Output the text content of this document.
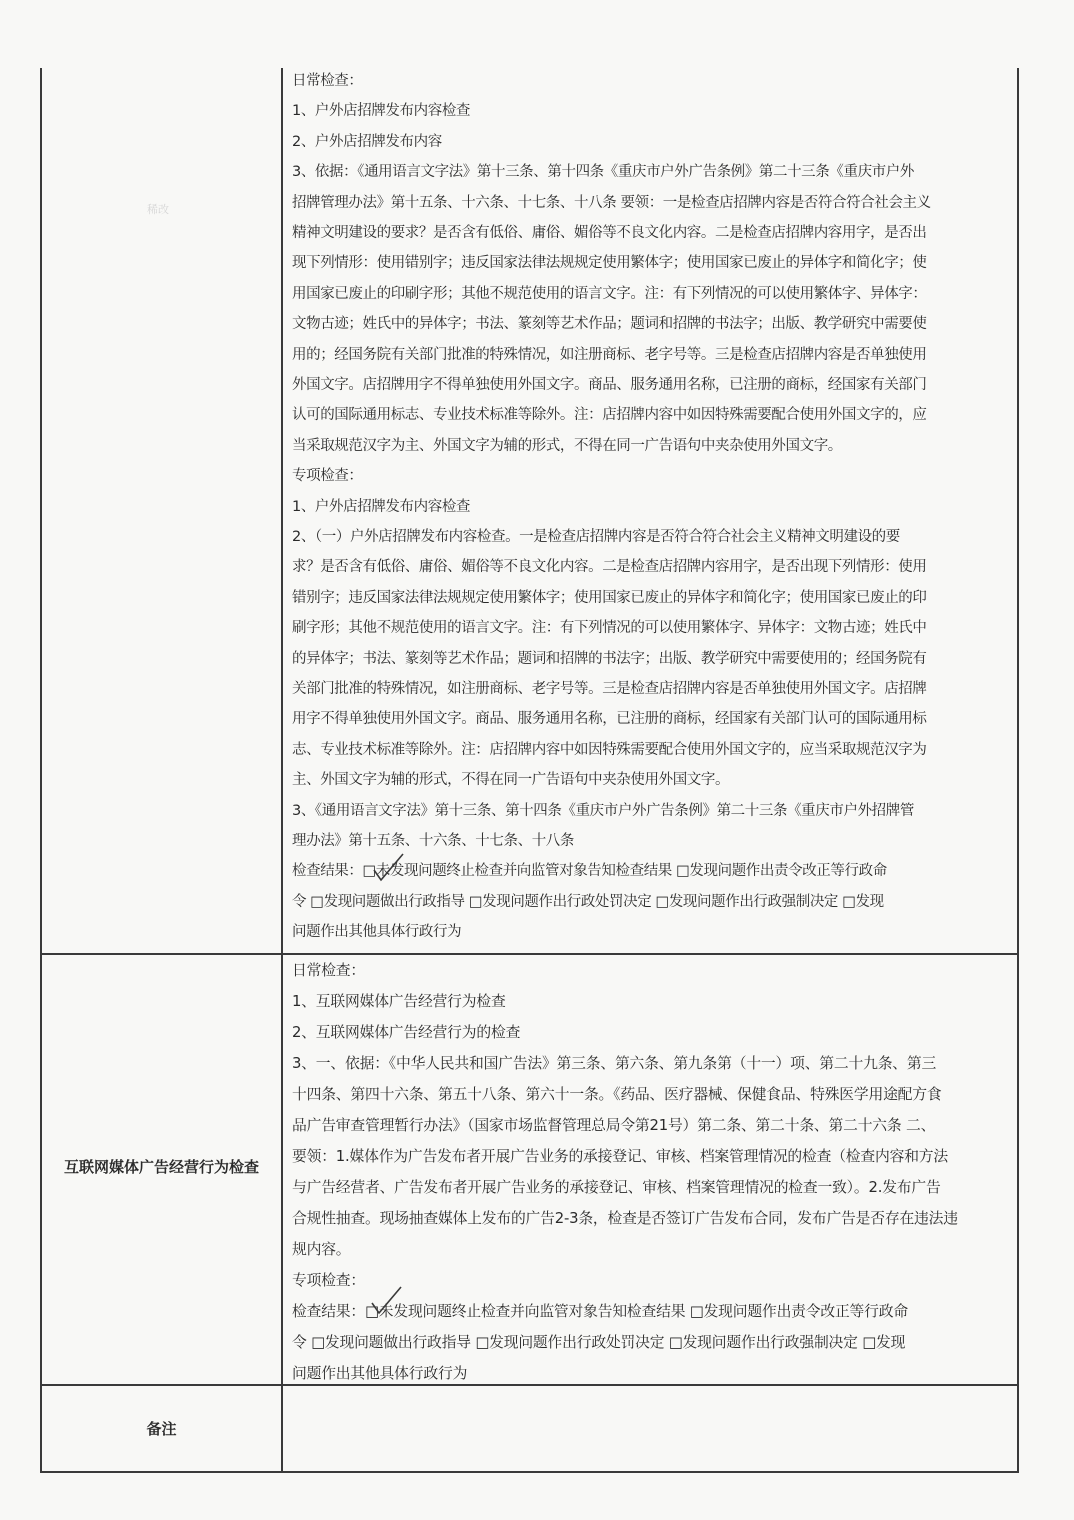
稀改
日常检查：
1、户外店招牌发布内容检查
2、户外店招牌发布内容
3、依据：《通用语言文字法》第十三条、第十四条《重庆市户外广告条例》第二十三条《重庆市户外
招牌管理办法》第十五条、十六条、十七条、十八条 要领：一是检查店招牌内容是否符合符合社会主义
精神文明建设的要求？是否含有低俗、庸俗、媚俗等不良文化内容。二是检查店招牌内容用字，是否出
现下列情形：使用错别字；违反国家法律法规规定使用繁体字；使用国家已废止的异体字和简化字；使
用国家已废止的印刷字形；其他不规范使用的语言文字。注：有下列情况的可以使用繁体字、异体字：
文物古迹；姓氏中的异体字；书法、篆刻等艺术作品；题词和招牌的书法字；出版、教学研究中需要使
用的；经国务院有关部门批准的特殊情况，如注册商标、老字号等。三是检查店招牌内容是否单独使用
外国文字。店招牌用字不得单独使用外国文字。商品、服务通用名称，已注册的商标，经国家有关部门
认可的国际通用标志、专业技术标准等除外。注：店招牌内容中如因特殊需要配合使用外国文字的，应
当采取规范汉字为主、外国文字为辅的形式，不得在同一广告语句中夹杂使用外国文字。
专项检查：
1、户外店招牌发布内容检查
2、（一）户外店招牌发布内容检查。一是检查店招牌内容是否符合符合社会主义精神文明建设的要
求？是否含有低俗、庸俗、媚俗等不良文化内容。二是检查店招牌内容用字，是否出现下列情形：使用
错别字；违反国家法律法规规定使用繁体字；使用国家已废止的异体字和简化字；使用国家已废止的印
刷字形；其他不规范使用的语言文字。注：有下列情况的可以使用繁体字、异体字：文物古迹；姓氏中
的异体字；书法、篆刻等艺术作品；题词和招牌的书法字；出版、教学研究中需要使用的；经国务院有
关部门批准的特殊情况，如注册商标、老字号等。三是检查店招牌内容是否单独使用外国文字。店招牌
用字不得单独使用外国文字。商品、服务通用名称，已注册的商标，经国家有关部门认可的国际通用标
志、专业技术标准等除外。注：店招牌内容中如因特殊需要配合使用外国文字的，应当采取规范汉字为
主、外国文字为辅的形式，不得在同一广告语句中夹杂使用外国文字。
3、《通用语言文字法》第十三条、第十四条《重庆市户外广告条例》第二十三条《重庆市户外招牌管
理办法》第十五条、十六条、十七条、十八条
检查结果：□未发现问题终止检查并向监管对象告知检查结果 □发现问题作出责令改正等行政命
令 □发现问题做出行政指导 □发现问题作出行政处罚决定 □发现问题作出行政强制决定 □发现
问题作出其他具体行政行为
互联网媒体广告经营行为检查
日常检查：
1、互联网媒体广告经营行为检查
2、互联网媒体广告经营行为的检查
3、一、依据：《中华人民共和国广告法》第三条、第六条、第九条第（十一）项、第二十九条、第三
十四条、第四十六条、第五十八条、第六十一条。《药品、医疗器械、保健食品、特殊医学用途配方食
品广告审查管理暂行办法》（国家市场监督管理总局令第21号）第二条、第二十条、第二十六条 二、
要领：1.媒体作为广告发布者开展广告业务的承接登记、审核、档案管理情况的检查（检查内容和方法
与广告经营者、广告发布者开展广告业务的承接登记、审核、档案管理情况的检查一致）。2.发布广告
合规性抽查。现场抽查媒体上发布的广告2-3条，检查是否签订广告发布合同，发布广告是否存在违法违
规内容。
专项检查：
检查结果：□未发现问题终止检查并向监管对象告知检查结果 □发现问题作出责令改正等行政命
令 □发现问题做出行政指导 □发现问题作出行政处罚决定 □发现问题作出行政强制决定 □发现
问题作出其他具体行政行为
备注
